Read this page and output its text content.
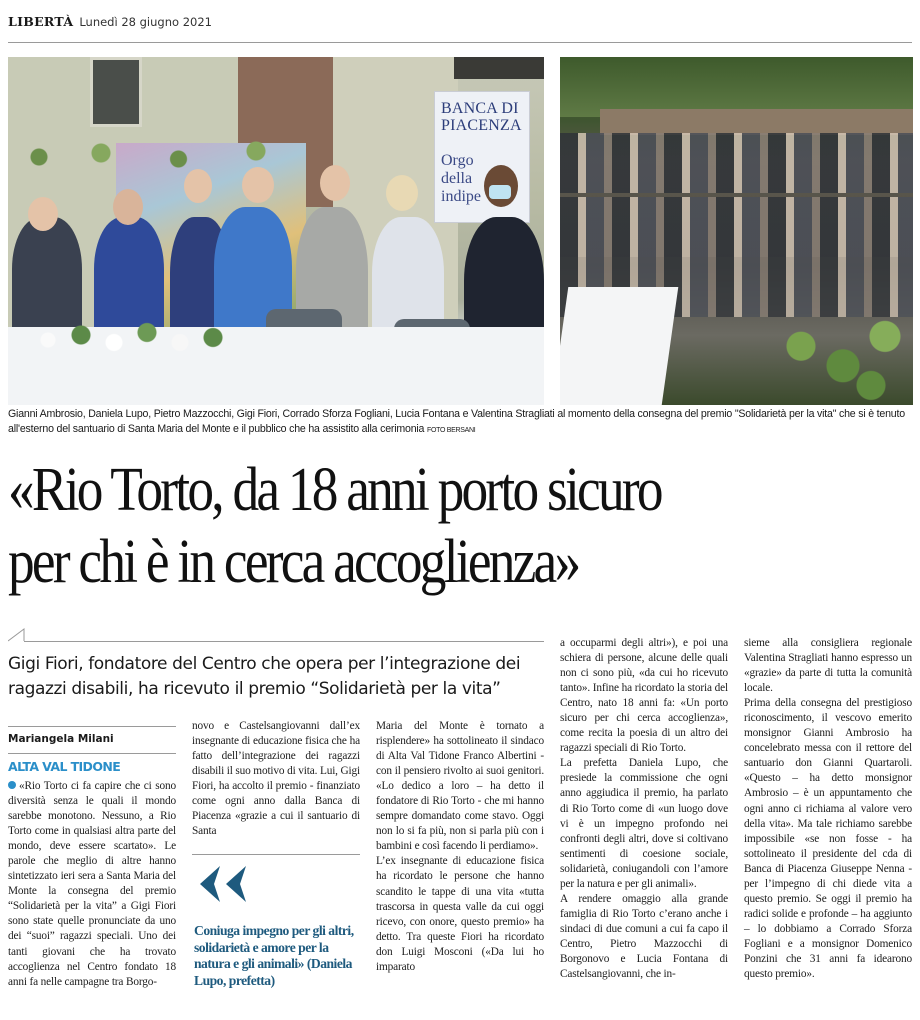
LIBERTÀ Lunedì 28 giugno 2021
BANCA DI
PIACENZA
Orgo
della
indipe
Gianni Ambrosio, Daniela Lupo, Pietro Mazzocchi, Gigi Fiori, Corrado Sforza Fogliani, Lucia Fontana e Valentina Stragliati al momento della consegna del premio "Solidarietà per la vita" che si è tenuto all'esterno del santuario di Santa Maria del Monte e il pubblico che ha assistito alla cerimonia FOTO BERSANI
«Rio Torto, da 18 anni porto sicuro
per chi è in cerca accoglienza»
Gigi Fiori, fondatore del Centro che opera per l’integrazione dei ragazzi disabili, ha ricevuto il premio “Solidarietà per la vita”
Mariangela Milani
ALTA VAL TIDONE

«Rio Torto ci fa capire che ci sono diversità senza le quali il mondo sarebbe monotono. Nessuno, a Rio Torto come in qualsiasi altra parte del mondo, deve essere scartato». Le parole che meglio di altre hanno sintetizzato ieri sera a Santa Maria del Monte la consegna del premio “Solidarietà per la vita” a Gigi Fiori sono state quelle pronunciate da uno dei “suoi” ragazzi speciali. Uno dei tanti giovani che ha trovato accoglienza nel Centro fondato 18 anni fa nelle campagne tra Borgo-

novo e Castelsangiovanni dall’ex insegnante di educazione fisica che ha fatto dell’integrazione dei ragazzi disabili il suo motivo di vita. Lui, Gigi Fiori, ha accolto il premio - finanziato come ogni anno dalla Banca di Piacenza «grazie a cui il santuario di Santa

Coniuga impegno per gli altri, solidarietà e amore per la natura e gli animali» (Daniela Lupo, prefetta)

Maria del Monte è tornato a risplendere» ha sottolineato il sindaco di Alta Val Tidone Franco Albertini - con il pensiero rivolto ai suoi genitori. «Lo dedico a loro – ha detto il fondatore di Rio Torto - che mi hanno sempre domandato come stavo. Oggi non lo si fa più, non si parla più con i bambini e così facendo li perdiamo».

L’ex insegnante di educazione fisica ha ricordato le persone che hanno scandito le tappe di una vita «tutta trascorsa in questa valle da cui oggi ricevo, con onore, questo premio» ha detto. Tra queste Fiori ha ricordato don Luigi Mosconi («Da lui ho imparato

a occuparmi degli altri»), e poi una schiera di persone, alcune delle quali non ci sono più, «da cui ho ricevuto tanto». Infine ha ricordato la storia del Centro, nato 18 anni fa: «Un porto sicuro per chi cerca accoglienza», come recita la poesia di un altro dei ragazzi speciali di Rio Torto.

La prefetta Daniela Lupo, che presiede la commissione che ogni anno aggiudica il premio, ha parlato di Rio Torto come di «un luogo dove vi è un impegno profondo nei confronti degli altri, dove si coltivano sentimenti di coesione sociale, solidarietà, coniugandoli con l’amore per la natura e per gli animali».

A rendere omaggio alla grande famiglia di Rio Torto c’erano anche i sindaci di due comuni a cui fa capo il Centro, Pietro Mazzocchi di Borgonovo e Lucia Fontana di Castelsangiovanni, che in-

sieme alla consigliera regionale Valentina Stragliati hanno espresso un «grazie» da parte di tutta la comunità locale.

Prima della consegna del prestigioso riconoscimento, il vescovo emerito monsignor Gianni Ambrosio ha concelebrato messa con il rettore del santuario don Gianni Quartaroli. «Questo – ha detto monsignor Ambrosio – è un appuntamento che ogni anno ci richiama al valore vero della vita». Ma tale richiamo sarebbe impossibile «se non fosse - ha sottolineato il presidente del cda di Banca di Piacenza Giuseppe Nenna - per l’impegno di chi diede vita a questo premio. Se oggi il premio ha radici solide e profonde – ha aggiunto – lo dobbiamo a Corrado Sforza Fogliani e a monsignor Domenico Ponzini che 31 anni fa idearono questo premio».
